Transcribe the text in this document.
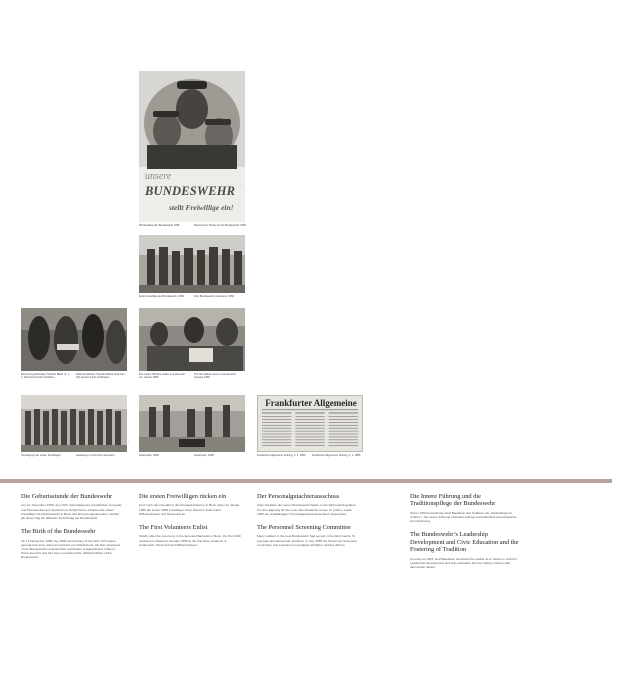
unsere
BUNDESWEHR
stellt Freiwillige ein!
—
Werbeplakat der Bundeswehr 1956	Recruitment Poster for the Bundeswehr 1956
—
Erste Freiwillige der Bundeswehr, 1956	First Bundeswehr volunteers, 1956
Ernennungsurkunden Theodor Blank (2. v. l.) überreicht ersten Soldaten…
Defence Minister Theodor Blank (2nd from left) presents first certificates…
—
Die ersten Offiziere treffen in Andernach ein, Januar 1956
The first officers arrive in Andernach, January 1956
—
Vereidigung der ersten Freiwilligen	Swearing-in of the first volunteers
—
Andernach, 1956	Andernach, 1956
Frankfurter Allgemeine
Frankfurter Allgemeine Zeitung, 3. 1. 1956	Frankfurter Allgemeine Zeitung, 3. 1. 1956
Die Geburtsstunde der Bundeswehr

Am 12. November 1955, dem 200. Geburtstag des preußischen Generals und Heeresreformers Gerhard von Scharnhorst, erhielten die ersten Freiwilligen der Bundeswehr in Bonn ihre Ernennungsurkunden. Seither gilt dieser Tag als offizieller Geburtstag der Bundeswehr.

The Birth of the Bundeswehr

On 12 November 1955, the 200th anniversary of the birth of Prussian general and army reformer Gerhard von Scharnhorst, the first volunteers of the Bundeswehr received their certificates of appointment in Bonn. Since then this day has been considered the official birthday of the Bundeswehr.

Die ersten Freiwilligen rücken ein

Kurz nach dem Festakt in der Ermekeil-Kaserne in Bonn traten im Januar 1956 die ersten 1000 Freiwilligen ihren Dienst in Andernach, Wilhelmshaven und Nörvenich an.

The First Volunteers Enlist

Shortly after the ceremony in the Ermekeil Barracks in Bonn, the first 1000 volunteers enlisted in January 1956 at the first three locations of Andernach, Nörvenich and Wilhelmshaven.

Der Personalgutachterausschuss

Viele Soldaten der neuen Bundeswehr hatten in der Wehrmacht gedient. Um ihre Eignung für die neue demokratische Armee zu prüfen, wurde 1955 ein unabhängiger Personalgutachterausschuss eingerichtet.

The Personnel Screening Committee

Many soldiers in the new Bundeswehr had served in the Wehrmacht. To preclude anti-democratic positions, in July 1955 the Personnel Screening Committee was founded to investigate all higher ranking officers.

Die Innere Führung und die Traditionspflege der Bundeswehr

Schon 1953 bezeichnete Graf Baudissin den Soldaten als „Staatsbürger in Uniform“. Die Innere Führung verbindet Auftrag und freiheitlich-demokratische Grundordnung.

The Bundeswehr’s Leadership Development and Civic Education and the Fostering of Tradition

As early as 1953, Graf Baudissin described the soldier as a “citizen in uniform”. Leadership development and civic education link the military mission with democratic values.
